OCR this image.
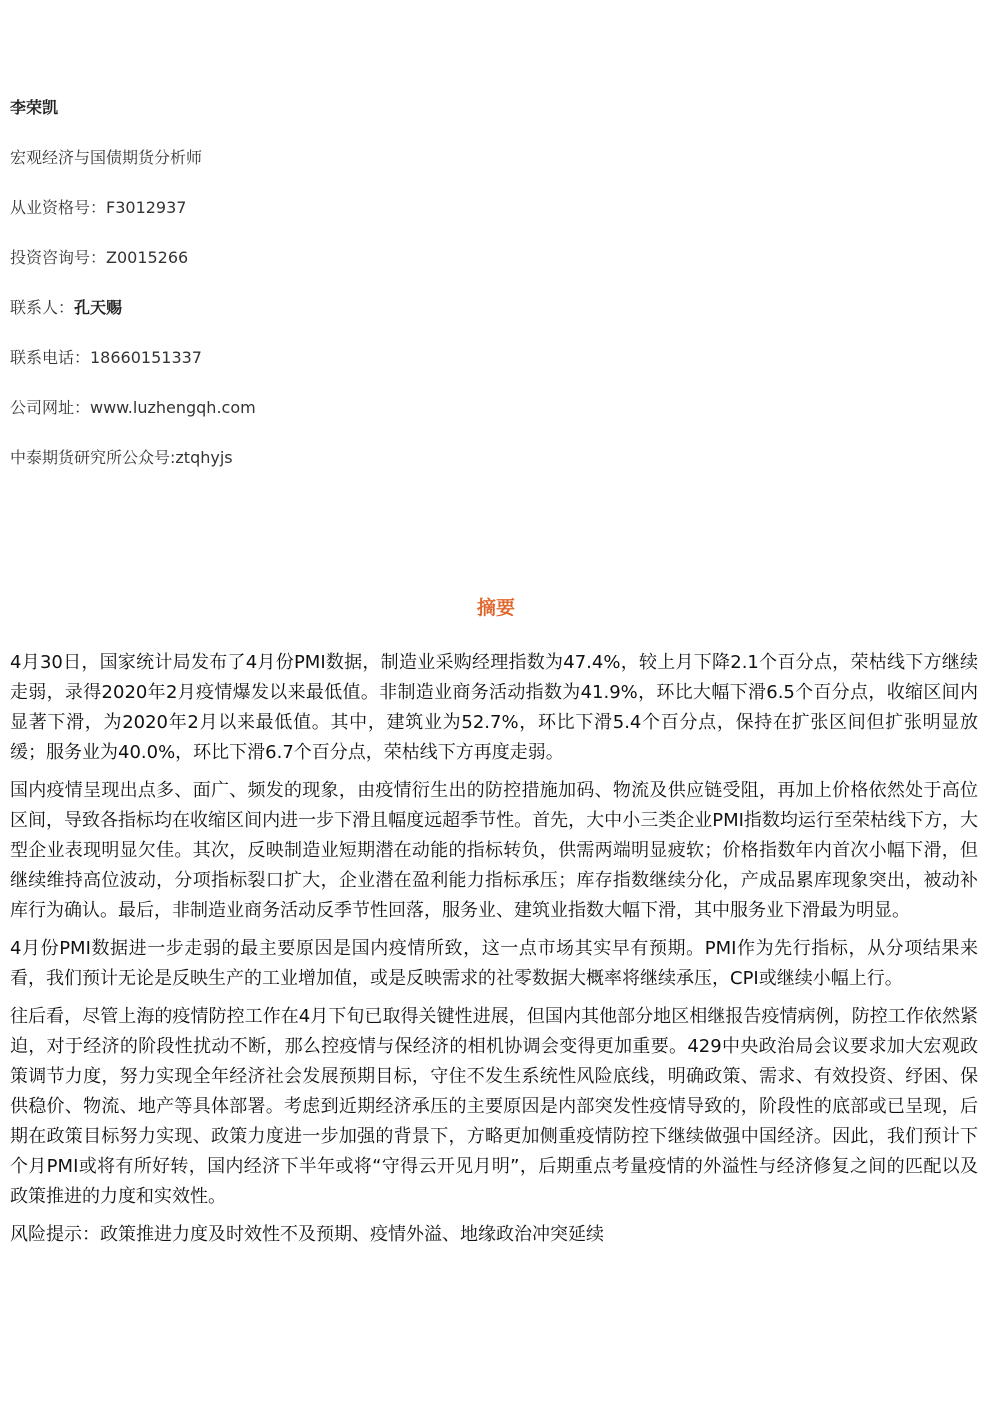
李荣凯
宏观经济与国债期货分析师
从业资格号：F3012937
投资咨询号：Z0015266
联系人：孔天赐
联系电话：18660151337
公司网址：www.luzhengqh.com
中泰期货研究所公众号:ztqhyjs
摘要

4月30日，国家统计局发布了4月份PMI数据，制造业采购经理指数为47.4%，较上月下降2.1个百分点，荣枯线下方继续走弱，录得2020年2月疫情爆发以来最低值。非制造业商务活动指数为41.9%，环比大幅下滑6.5个百分点，收缩区间内显著下滑，为2020年2月以来最低值。其中，建筑业为52.7%，环比下滑5.4个百分点，保持在扩张区间但扩张明显放缓；服务业为40.0%，环比下滑6.7个百分点，荣枯线下方再度走弱。

国内疫情呈现出点多、面广、频发的现象，由疫情衍生出的防控措施加码、物流及供应链受阻，再加上价格依然处于高位区间，导致各指标均在收缩区间内进一步下滑且幅度远超季节性。首先，大中小三类企业PMI指数均运行至荣枯线下方，大型企业表现明显欠佳。其次，反映制造业短期潜在动能的指标转负，供需两端明显疲软；价格指数年内首次小幅下滑，但继续维持高位波动，分项指标裂口扩大，企业潜在盈利能力指标承压；库存指数继续分化，产成品累库现象突出，被动补库行为确认。最后，非制造业商务活动反季节性回落，服务业、建筑业指数大幅下滑，其中服务业下滑最为明显。

4月份PMI数据进一步走弱的最主要原因是国内疫情所致，这一点市场其实早有预期。PMI作为先行指标，从分项结果来看，我们预计无论是反映生产的工业增加值，或是反映需求的社零数据大概率将继续承压，CPI或继续小幅上行。

往后看，尽管上海的疫情防控工作在4月下旬已取得关键性进展，但国内其他部分地区相继报告疫情病例，防控工作依然紧迫，对于经济的阶段性扰动不断，那么控疫情与保经济的相机协调会变得更加重要。429中央政治局会议要求加大宏观政策调节力度，努力实现全年经济社会发展预期目标，守住不发生系统性风险底线，明确政策、需求、有效投资、纾困、保供稳价、物流、地产等具体部署。考虑到近期经济承压的主要原因是内部突发性疫情导致的，阶段性的底部或已呈现，后期在政策目标努力实现、政策力度进一步加强的背景下，方略更加侧重疫情防控下继续做强中国经济。因此，我们预计下个月PMI或将有所好转，国内经济下半年或将“守得云开见月明”，后期重点考量疫情的外溢性与经济修复之间的匹配以及政策推进的力度和实效性。

风险提示：政策推进力度及时效性不及预期、疫情外溢、地缘政治冲突延续
